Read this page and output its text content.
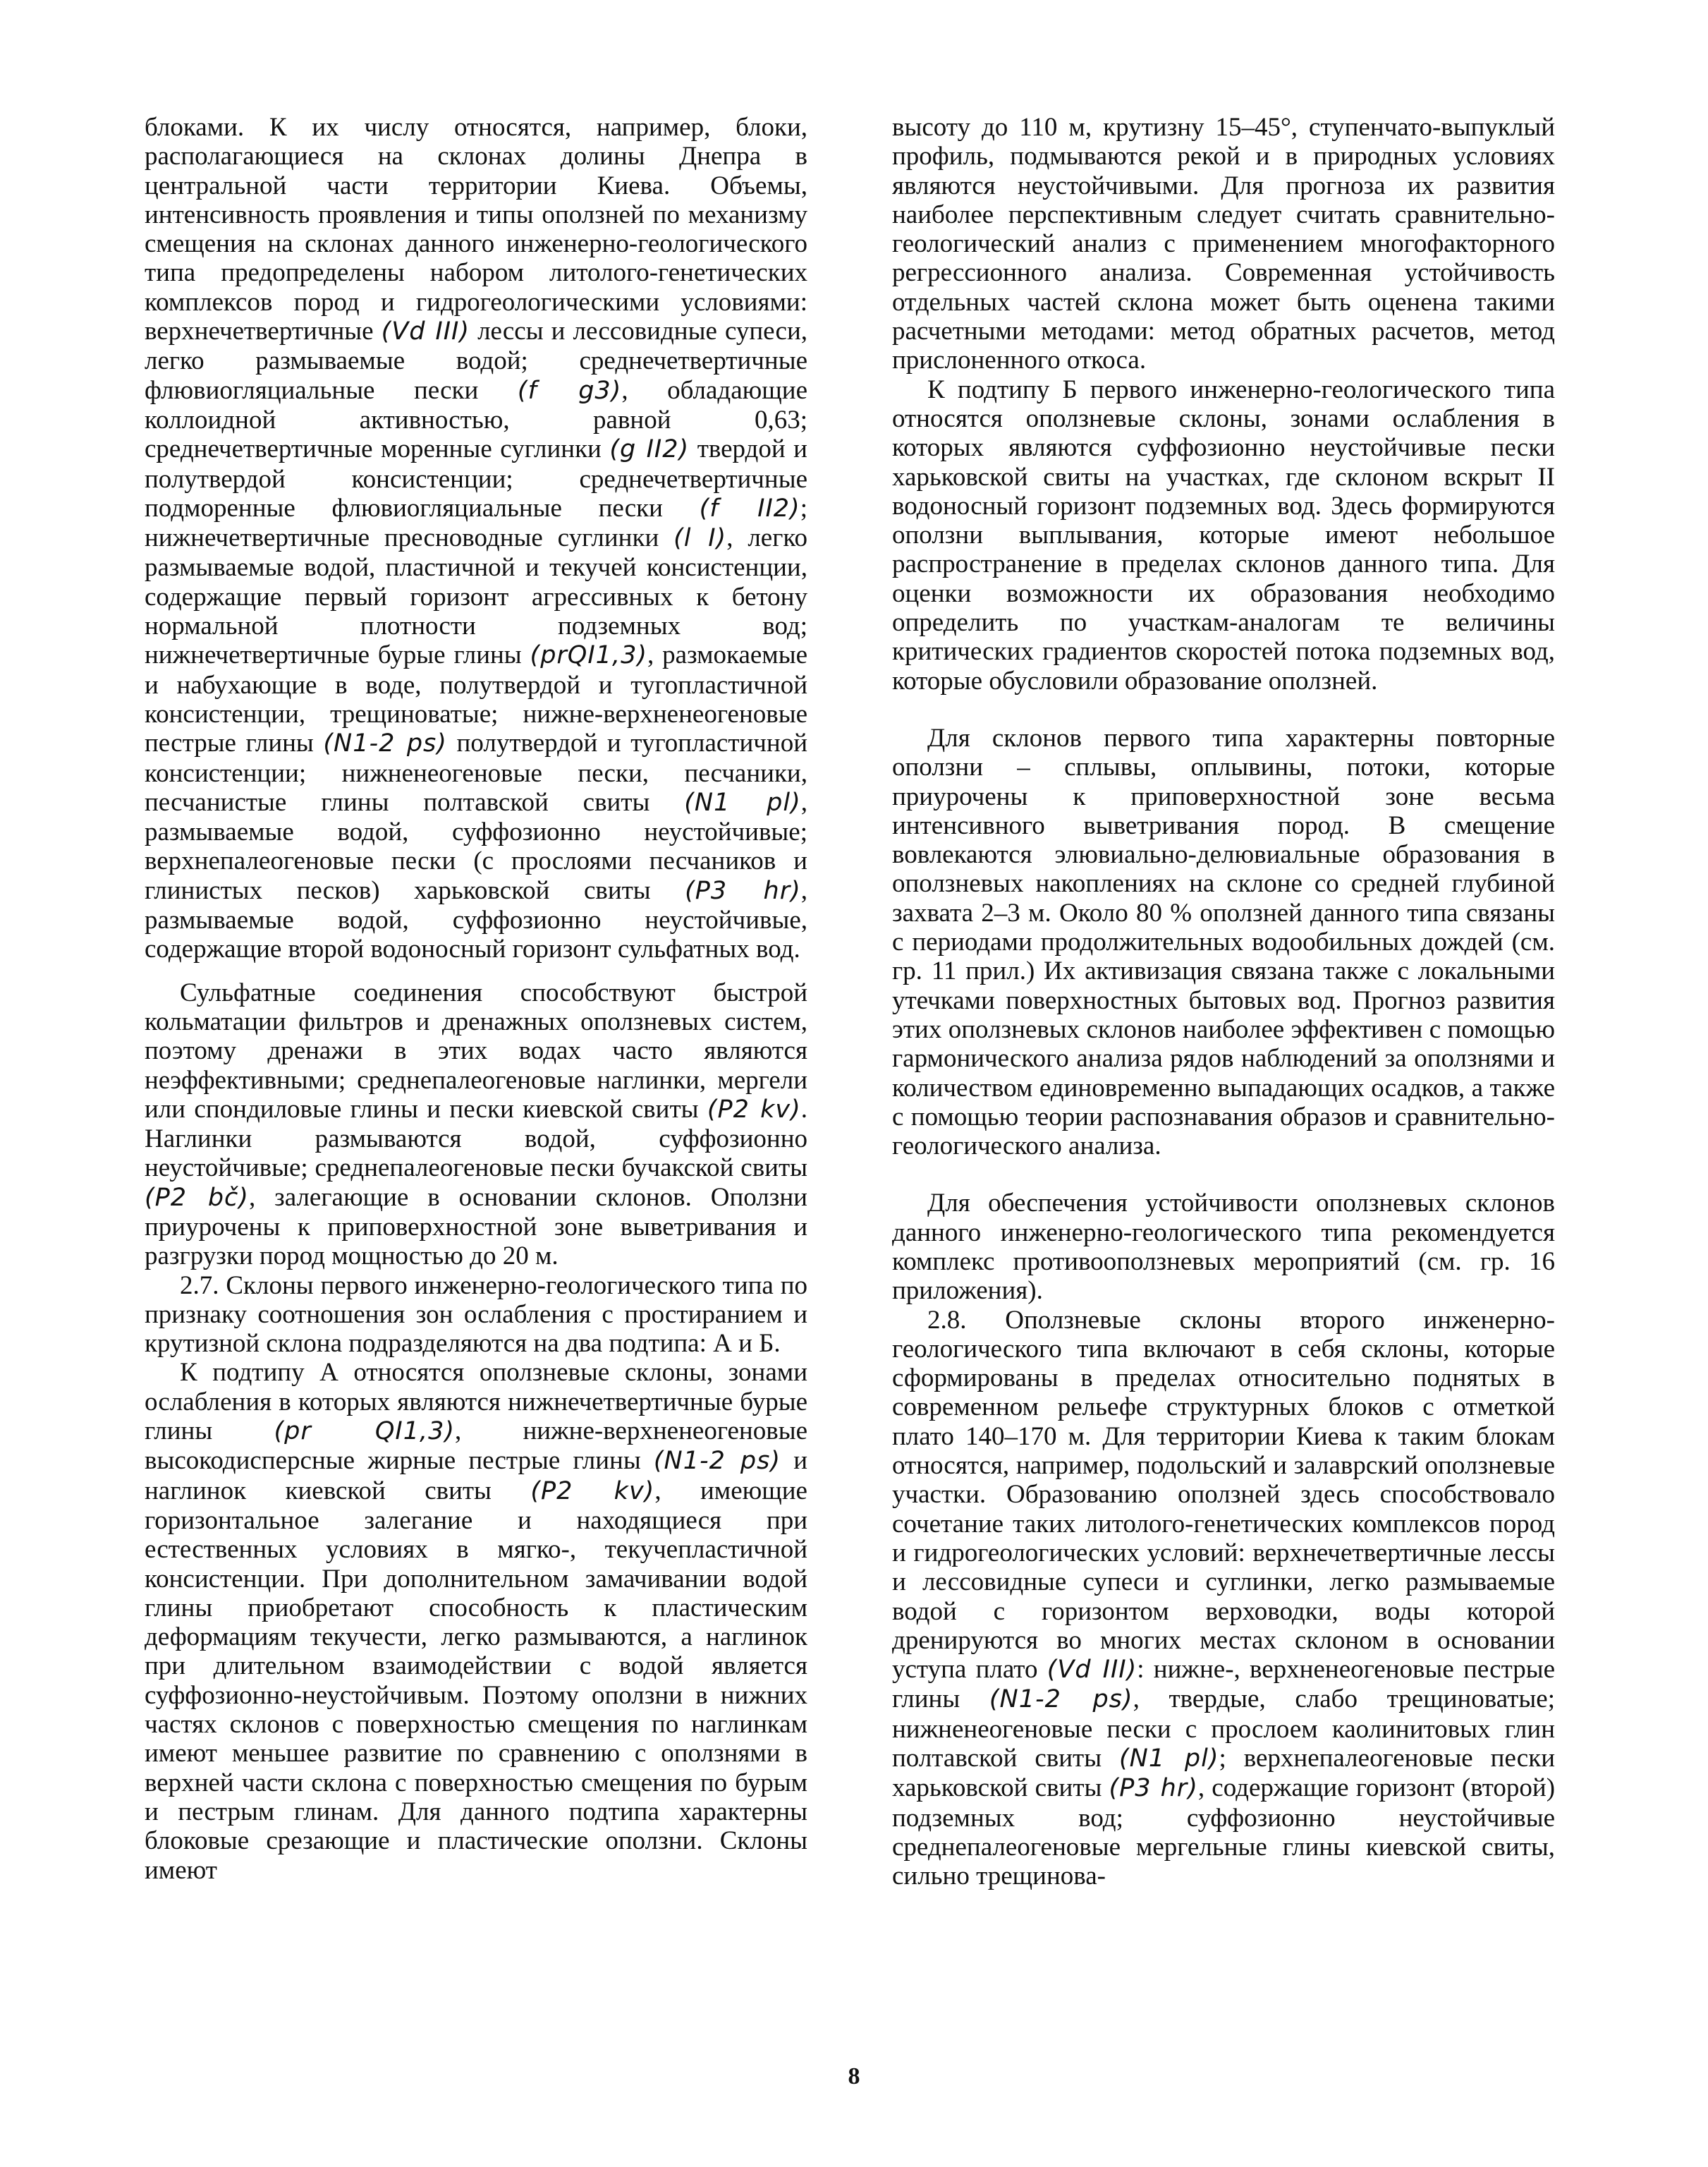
блоками. К их числу относятся, например, блоки, располагающиеся на склонах долины Днепра в центральной части территории Киева. Объемы, интенсивность проявления и типы оползней по механизму смещения на склонах данного инженерно-геологического типа предопределены набором литолого-генетических комплексов пород и гидрогеологическими условиями: верхнечетвертичные (Vd III) лессы и лессовидные супеси, легко размываемые водой; среднечетвертичные флювиогляциальные пески (f g3), обладающие коллоидной активностью, равной 0,63; среднечетвертичные моренные суглинки (g II2) твердой и полутвердой консистенции; среднечетвертичные подморенные флювиогляциальные пески (f II2); нижнечетвертичные пресноводные суглинки (l I), легко размываемые водой, пластичной и текучей консистенции, содержащие первый горизонт агрессивных к бетону нормальной плотности подземных вод; нижнечетвертичные бурые глины (prQI1,3), размокаемые и набухающие в воде, полутвердой и тугопластичной консистенции, трещиноватые; нижне-верхненеогеновые пестрые глины (N1-2 ps) полутвердой и тугопластичной консистенции; нижненеогеновые пески, песчаники, песчанистые глины полтавской свиты (N1 pl), размываемые водой, суффозионно неустойчивые; верхнепалеогеновые пески (с прослоями песчаников и глинистых песков) харьковской свиты (P3 hr), размываемые водой, суффозионно неустойчивые, содержащие второй водоносный горизонт сульфатных вод.

Сульфатные соединения способствуют быстрой кольматации фильтров и дренажных оползневых систем, поэтому дренажи в этих водах часто являются неэффективными; среднепалеогеновые наглинки, мергели или спондиловые глины и пески киевской свиты (P2 kv). Наглинки размываются водой, суффозионно неустойчивые; среднепалеогеновые пески бучакской свиты (P2 bč), залегающие в основании склонов. Оползни приурочены к приповерхностной зоне выветривания и разгрузки пород мощностью до 20 м.

2.7. Склоны первого инженерно-геологического типа по признаку соотношения зон ослабления с простиранием и крутизной склона подразделяются на два подтипа: А и Б.

К подтипу А относятся оползневые склоны, зонами ослабления в которых являются нижнечетвертичные бурые глины (pr QI1,3), нижне-верхненеогеновые высокодисперсные жирные пестрые глины (N1-2 ps) и наглинок киевской свиты (P2 kv), имеющие горизонтальное залегание и находящиеся при естественных условиях в мягко-, текучепластичной консистенции. При дополнительном замачивании водой глины приобретают способность к пластическим деформациям текучести, легко размываются, а наглинок при длительном взаимодействии с водой является суффозионно-неустойчивым. Поэтому оползни в нижних частях склонов с поверхностью смещения по наглинкам имеют меньшее развитие по сравнению с оползнями в верхней части склона с поверхностью смещения по бурым и пестрым глинам. Для данного подтипа характерны блоковые срезающие и пластические оползни. Склоны имеют

высоту до 110 м, крутизну 15–45°, ступенчато-выпуклый профиль, подмываются рекой и в природных условиях являются неустойчивыми. Для прогноза их развития наиболее перспективным следует считать сравнительно-геологический анализ с применением многофакторного регрессионного анализа. Современная устойчивость отдельных частей склона может быть оценена такими расчетными методами: метод обратных расчетов, метод прислоненного откоса.

К подтипу Б первого инженерно-геологического типа относятся оползневые склоны, зонами ослабления в которых являются суффозионно неустойчивые пески харьковской свиты на участках, где склоном вскрыт II водоносный горизонт подземных вод. Здесь формируются оползни выплывания, которые имеют небольшое распространение в пределах склонов данного типа. Для оценки возможности их образования необходимо определить по участкам-аналогам те величины критических градиентов скоростей потока подземных вод, которые обусловили образование оползней.

Для склонов первого типа характерны повторные оползни – сплывы, оплывины, потоки, которые приурочены к приповерхностной зоне весьма интенсивного выветривания пород. В смещение вовлекаются элювиально-делювиальные образования в оползневых накоплениях на склоне со средней глубиной захвата 2–3 м. Около 80 % оползней данного типа связаны с периодами продолжительных водообильных дождей (см. гр. 11 прил.) Их активизация связана также с локальными утечками поверхностных бытовых вод. Прогноз развития этих оползневых склонов наиболее эффективен с помощью гармонического анализа рядов наблюдений за оползнями и количеством единовременно выпадающих осадков, а также с помощью теории распознавания образов и сравнительно-геологического анализа.

Для обеспечения устойчивости оползневых склонов данного инженерно-геологического типа рекомендуется комплекс противооползневых мероприятий (см. гр. 16 приложения).

2.8. Оползневые склоны второго инженерно-геологического типа включают в себя склоны, которые сформированы в пределах относительно поднятых в современном рельефе структурных блоков с отметкой плато 140–170 м. Для территории Киева к таким блокам относятся, например, подольский и залаврский оползневые участки. Образованию оползней здесь способствовало сочетание таких литолого-генетических комплексов пород и гидрогеологических условий: верхнечетвертичные лессы и лессовидные супеси и суглинки, легко размываемые водой с горизонтом верховодки, воды которой дренируются во многих местах склоном в основании уступа плато (Vd III): нижне-, верхненеогеновые пестрые глины (N1-2 ps), твердые, слабо трещиноватые; нижненеогеновые пески с прослоем каолинитовых глин полтавской свиты (N1 pl); верхнепалеогеновые пески харьковской свиты (P3 hr), содержащие горизонт (второй) подземных вод; суффозионно неустойчивые среднепалеогеновые мергельные глины киевской свиты, сильно трещинова-

8
